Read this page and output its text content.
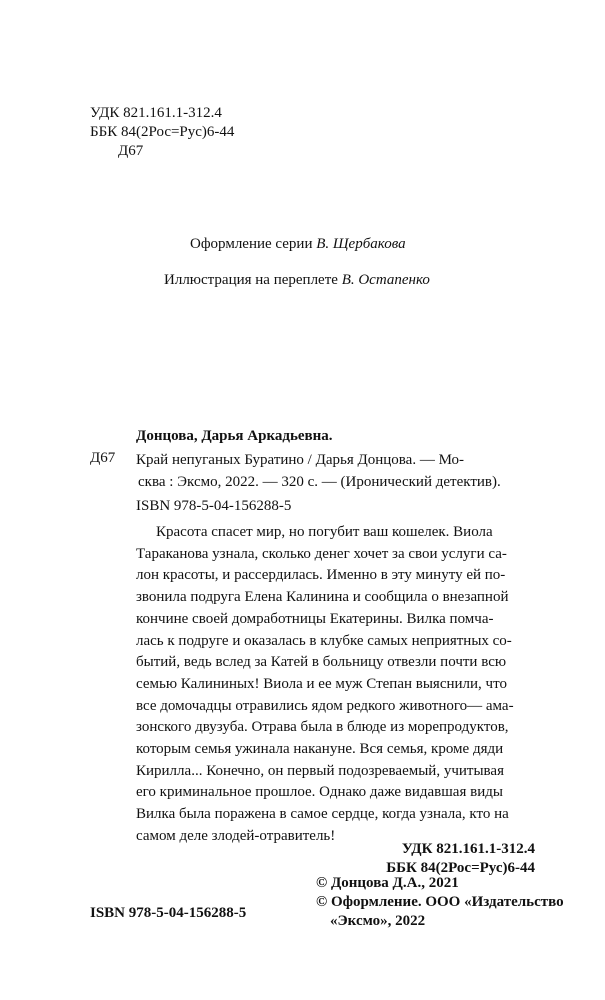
УДК 821.161.1-312.4
ББК 84(2Рос=Рус)6-44
Д67
Оформление серии В. Щербакова
Иллюстрация на переплете В. Остапенко
Донцова, Дарья Аркадьевна.
Д67 Край непуганых Буратино / Дарья Донцова. — Мо-
сква : Эксмо, 2022. — 320 с. — (Иронический детектив).
ISBN 978-5-04-156288-5
Красота спасет мир, но погубит ваш кошелек. Виола
Тараканова узнала, сколько денег хочет за свои услуги са-
лон красоты, и рассердилась. Именно в эту минуту ей по-
звонила подруга Елена Калинина и сообщила о внезапной
кончине своей домработницы Екатерины. Вилка помча-
лась к подруге и оказалась в клубке самых неприятных со-
бытий, ведь вслед за Катей в больницу отвезли почти всю
семью Калининых! Виола и ее муж Степан выяснили, что
все домочадцы отравились ядом редкого животного— ама-
зонского двузуба. Отрава была в блюде из морепродуктов,
которым семья ужинала накануне. Вся семья, кроме дяди
Кирилла... Конечно, он первый подозреваемый, учитывая
его криминальное прошлое. Однако даже видавшая виды
Вилка была поражена в самое сердце, когда узнала, кто на
самом деле злодей-отравитель!
УДК 821.161.1-312.4
ББК 84(2Рос=Рус)6-44
ISBN 978-5-04-156288-5
© Донцова Д.А., 2021
© Оформление. ООО «Издательство
«Эксмо», 2022
